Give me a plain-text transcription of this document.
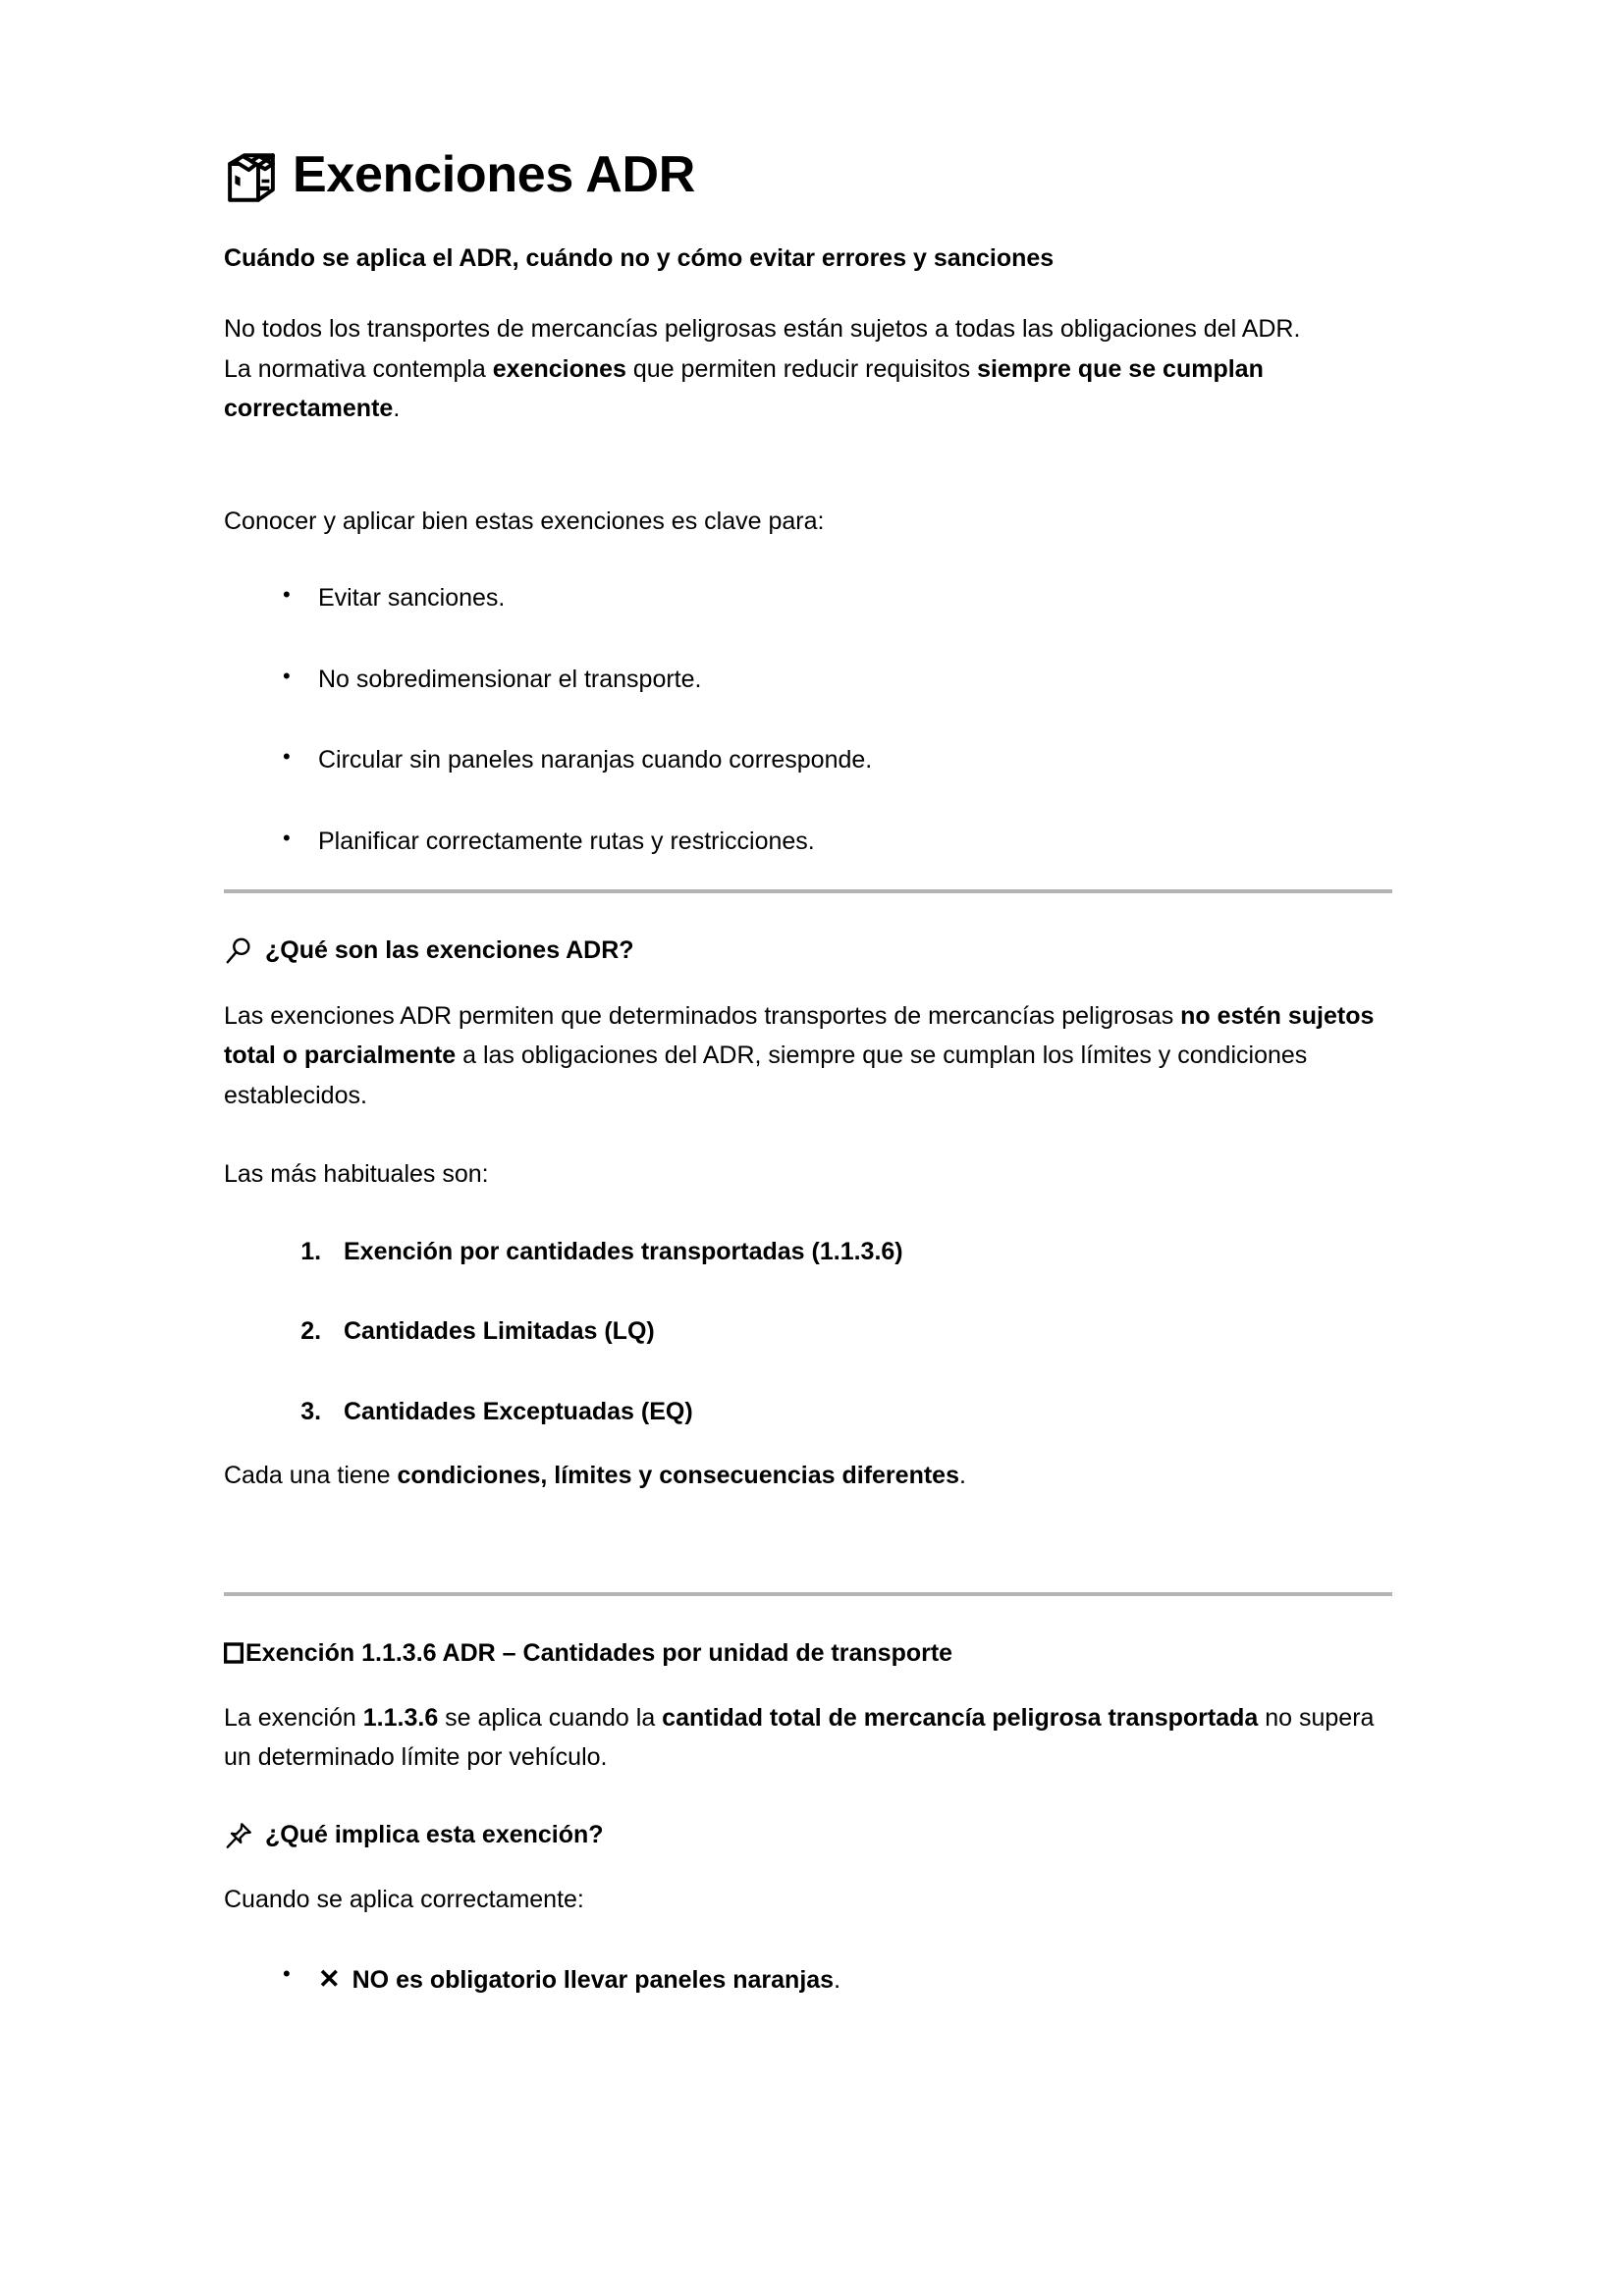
Exenciones ADR
Cuándo se aplica el ADR, cuándo no y cómo evitar errores y sanciones

No todos los transportes de mercancías peligrosas están sujetos a todas las obligaciones del ADR.

La normativa contempla exenciones que permiten reducir requisitos siempre que se cumplan correctamente.

Conocer y aplicar bien estas exenciones es clave para:

• Evitar sanciones.
• No sobredimensionar el transporte.
• Circular sin paneles naranjas cuando corresponde.
• Planificar correctamente rutas y restricciones.
¿Qué son las exenciones ADR?

Las exenciones ADR permiten que determinados transportes de mercancías peligrosas no estén sujetos total o parcialmente a las obligaciones del ADR, siempre que se cumplan los límites y condiciones establecidos.

Las más habituales son:

1. Exención por cantidades transportadas (1.1.3.6)
2. Cantidades Limitadas (LQ)
3. Cantidades Exceptuadas (EQ)

Cada una tiene condiciones, límites y consecuencias diferentes.

Exención 1.1.3.6 ADR – Cantidades por unidad de transporte

La exención 1.1.3.6 se aplica cuando la cantidad total de mercancía peligrosa transportada no supera un determinado límite por vehículo.

¿Qué implica esta exención?

Cuando se aplica correctamente:

• ✕ NO es obligatorio llevar paneles naranjas.
